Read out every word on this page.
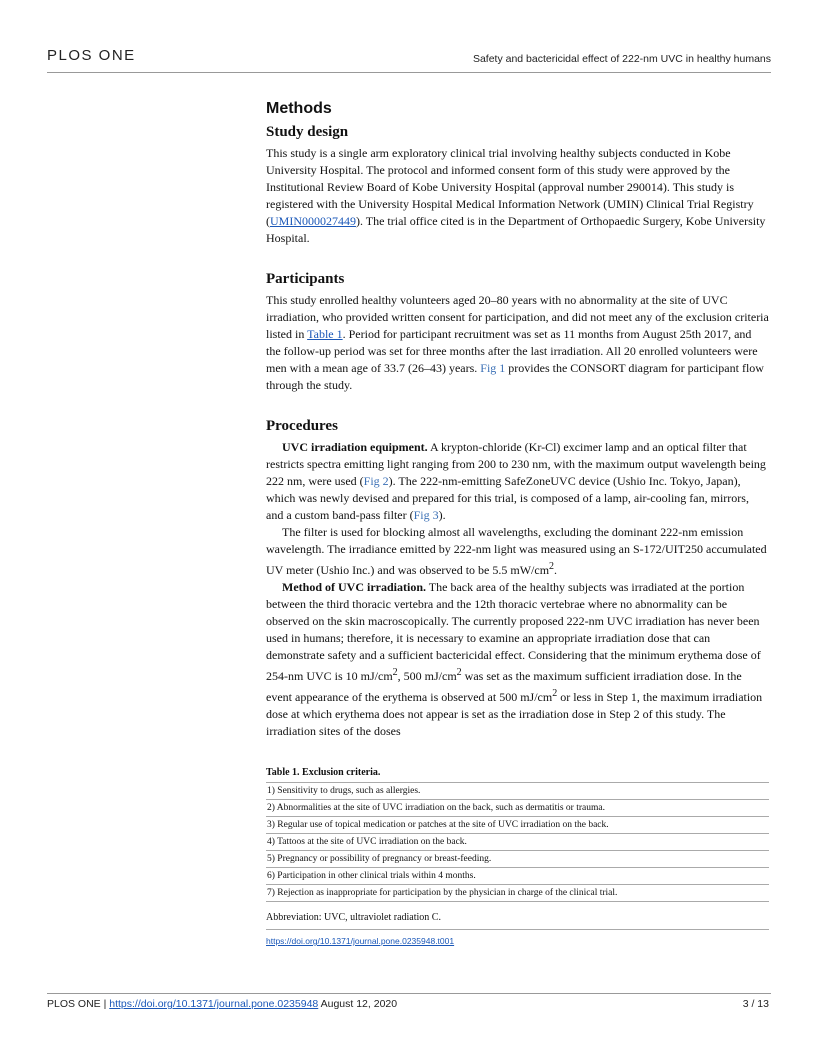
PLOS ONE	Safety and bactericidal effect of 222-nm UVC in healthy humans
Methods
Study design

This study is a single arm exploratory clinical trial involving healthy subjects conducted in Kobe University Hospital. The protocol and informed consent form of this study were approved by the Institutional Review Board of Kobe University Hospital (approval number 290014). This study is registered with the University Hospital Medical Information Network (UMIN) Clinical Trial Registry (UMIN000027449). The trial office cited is in the Department of Orthopaedic Surgery, Kobe University Hospital.

Participants

This study enrolled healthy volunteers aged 20–80 years with no abnormality at the site of UVC irradiation, who provided written consent for participation, and did not meet any of the exclusion criteria listed in Table 1. Period for participant recruitment was set as 11 months from August 25th 2017, and the follow-up period was set for three months after the last irradiation. All 20 enrolled volunteers were men with a mean age of 33.7 (26–43) years. Fig 1 provides the CONSORT diagram for participant flow through the study.

Procedures

UVC irradiation equipment. A krypton-chloride (Kr-Cl) excimer lamp and an optical filter that restricts spectra emitting light ranging from 200 to 230 nm, with the maximum output wavelength being 222 nm, were used (Fig 2). The 222-nm-emitting SafeZoneUVC device (Ushio Inc. Tokyo, Japan), which was newly devised and prepared for this trial, is composed of a lamp, air-cooling fan, mirrors, and a custom band-pass filter (Fig 3).

The filter is used for blocking almost all wavelengths, excluding the dominant 222-nm emission wavelength. The irradiance emitted by 222-nm light was measured using an S-172/UIT250 accumulated UV meter (Ushio Inc.) and was observed to be 5.5 $mW/cm^2$.

Method of UVC irradiation. The back area of the healthy subjects was irradiated at the portion between the third thoracic vertebra and the 12th thoracic vertebrae where no abnormality can be observed on the skin macroscopically. The currently proposed 222-nm UVC irradiation has never been used in humans; therefore, it is necessary to examine an appropriate irradiation dose that can demonstrate safety and a sufficient bactericidal effect. Considering that the minimum erythema dose of 254-nm UVC is 10 $mJ/cm^2$, 500 $mJ/cm^2$ was set as the maximum sufficient irradiation dose. In the event appearance of the erythema is observed at 500 $mJ/cm^2$ or less in Step 1, the maximum irradiation dose at which erythema does not appear is set as the irradiation dose in Step 2 of this study. The irradiation sites of the doses

Table 1. Exclusion criteria.
1) Sensitivity to drugs, such as allergies.
2) Abnormalities at the site of UVC irradiation on the back, such as dermatitis or trauma.
3) Regular use of topical medication or patches at the site of UVC irradiation on the back.
4) Tattoos at the site of UVC irradiation on the back.
5) Pregnancy or possibility of pregnancy or breast-feeding.
6) Participation in other clinical trials within 4 months.
7) Rejection as inappropriate for participation by the physician in charge of the clinical trial.
Abbreviation: UVC, ultraviolet radiation C.
https://doi.org/10.1371/journal.pone.0235948.t001
PLOS ONE | https://doi.org/10.1371/journal.pone.0235948 August 12, 2020	3 / 13
